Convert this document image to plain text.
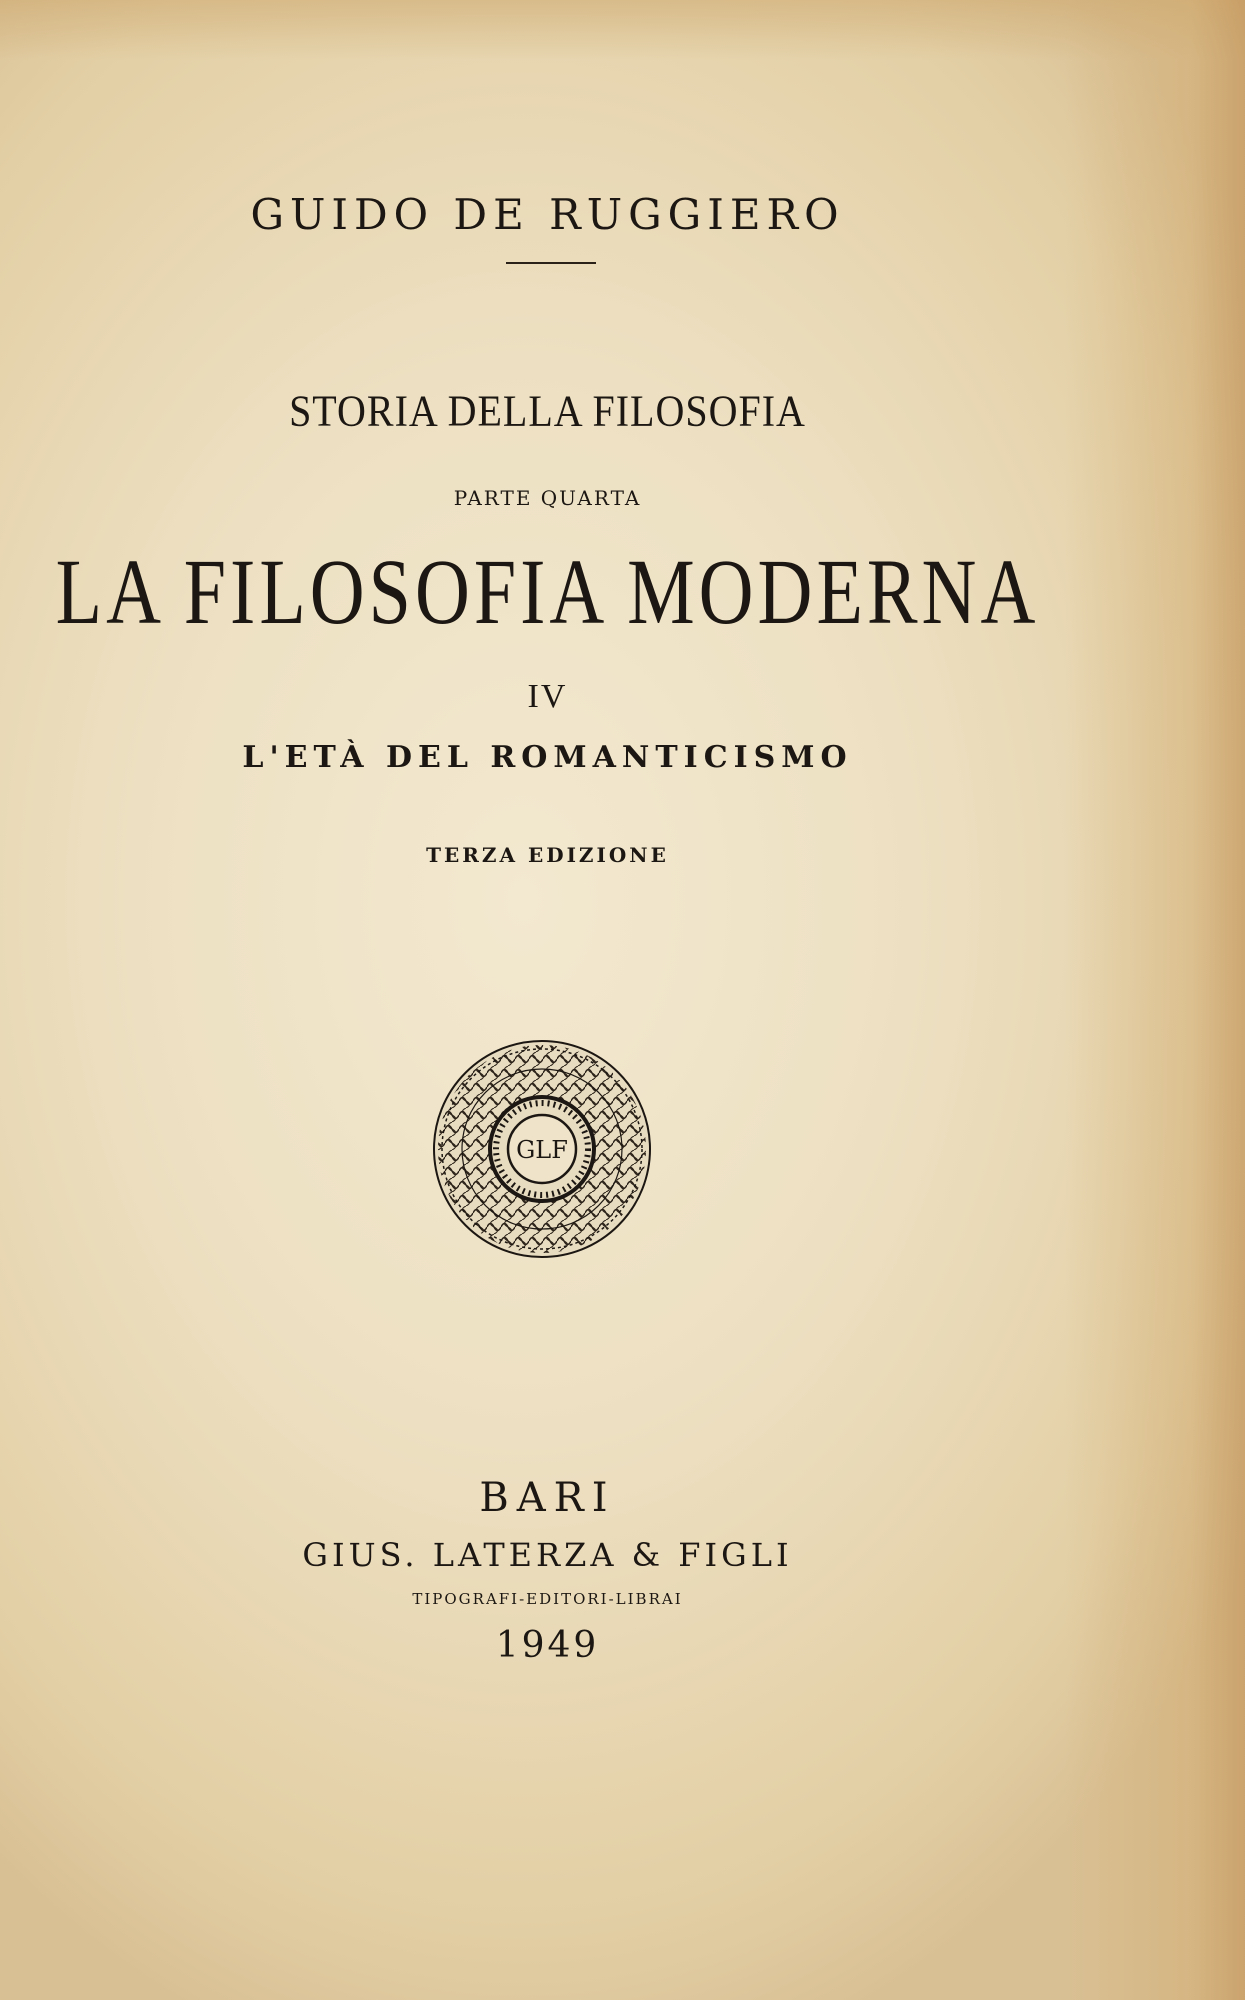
GUIDO DE RUGGIERO
STORIA DELLA FILOSOFIA
PARTE QUARTA
LA FILOSOFIA MODERNA
IV
L'ETÀ DEL ROMANTICISMO
TERZA EDIZIONE
GLF
BARI
GIUS. LATERZA & FIGLI
TIPOGRAFI-EDITORI-LIBRAI
1949
